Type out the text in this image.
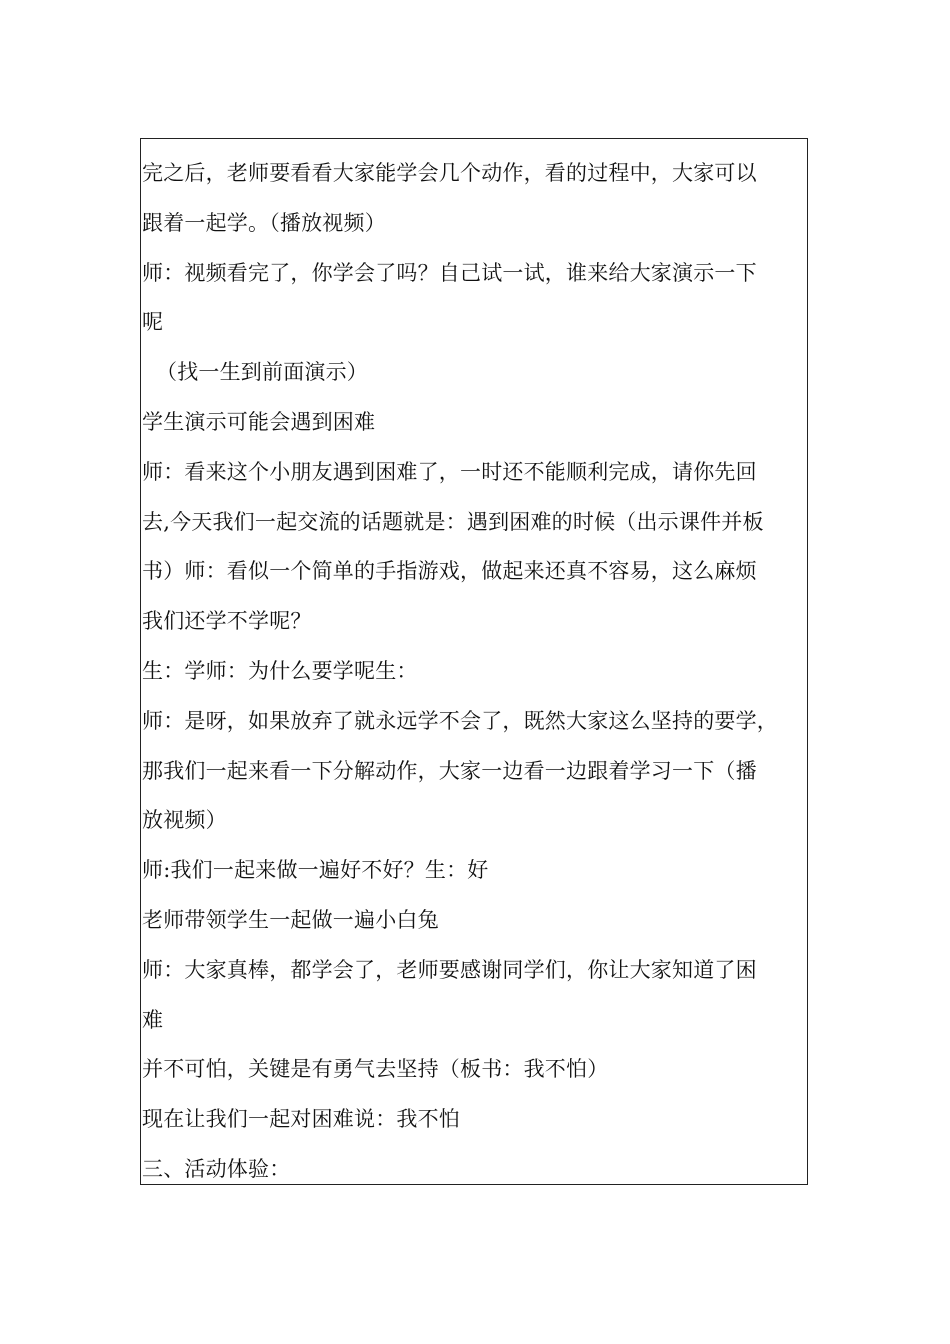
完之后，老师要看看大家能学会几个动作，看的过程中，大家可以
跟着一起学。（播放视频）
师：视频看完了，你学会了吗？自己试一试，谁来给大家演示一下
呢
（找一生到前面演示）
学生演示可能会遇到困难
师：看来这个小朋友遇到困难了，一时还不能顺利完成，请你先回
去,今天我们一起交流的话题就是：遇到困难的时候（出示课件并板
书）师：看似一个简单的手指游戏，做起来还真不容易，这么麻烦
我们还学不学呢？
生：学师：为什么要学呢生：
师：是呀，如果放弃了就永远学不会了，既然大家这么坚持的要学，
那我们一起来看一下分解动作，大家一边看一边跟着学习一下（播
放视频）
师:我们一起来做一遍好不好？生：好
老师带领学生一起做一遍小白兔
师：大家真棒，都学会了，老师要感谢同学们，你让大家知道了困
难
并不可怕，关键是有勇气去坚持（板书：我不怕）
现在让我们一起对困难说：我不怕
三、活动体验：
